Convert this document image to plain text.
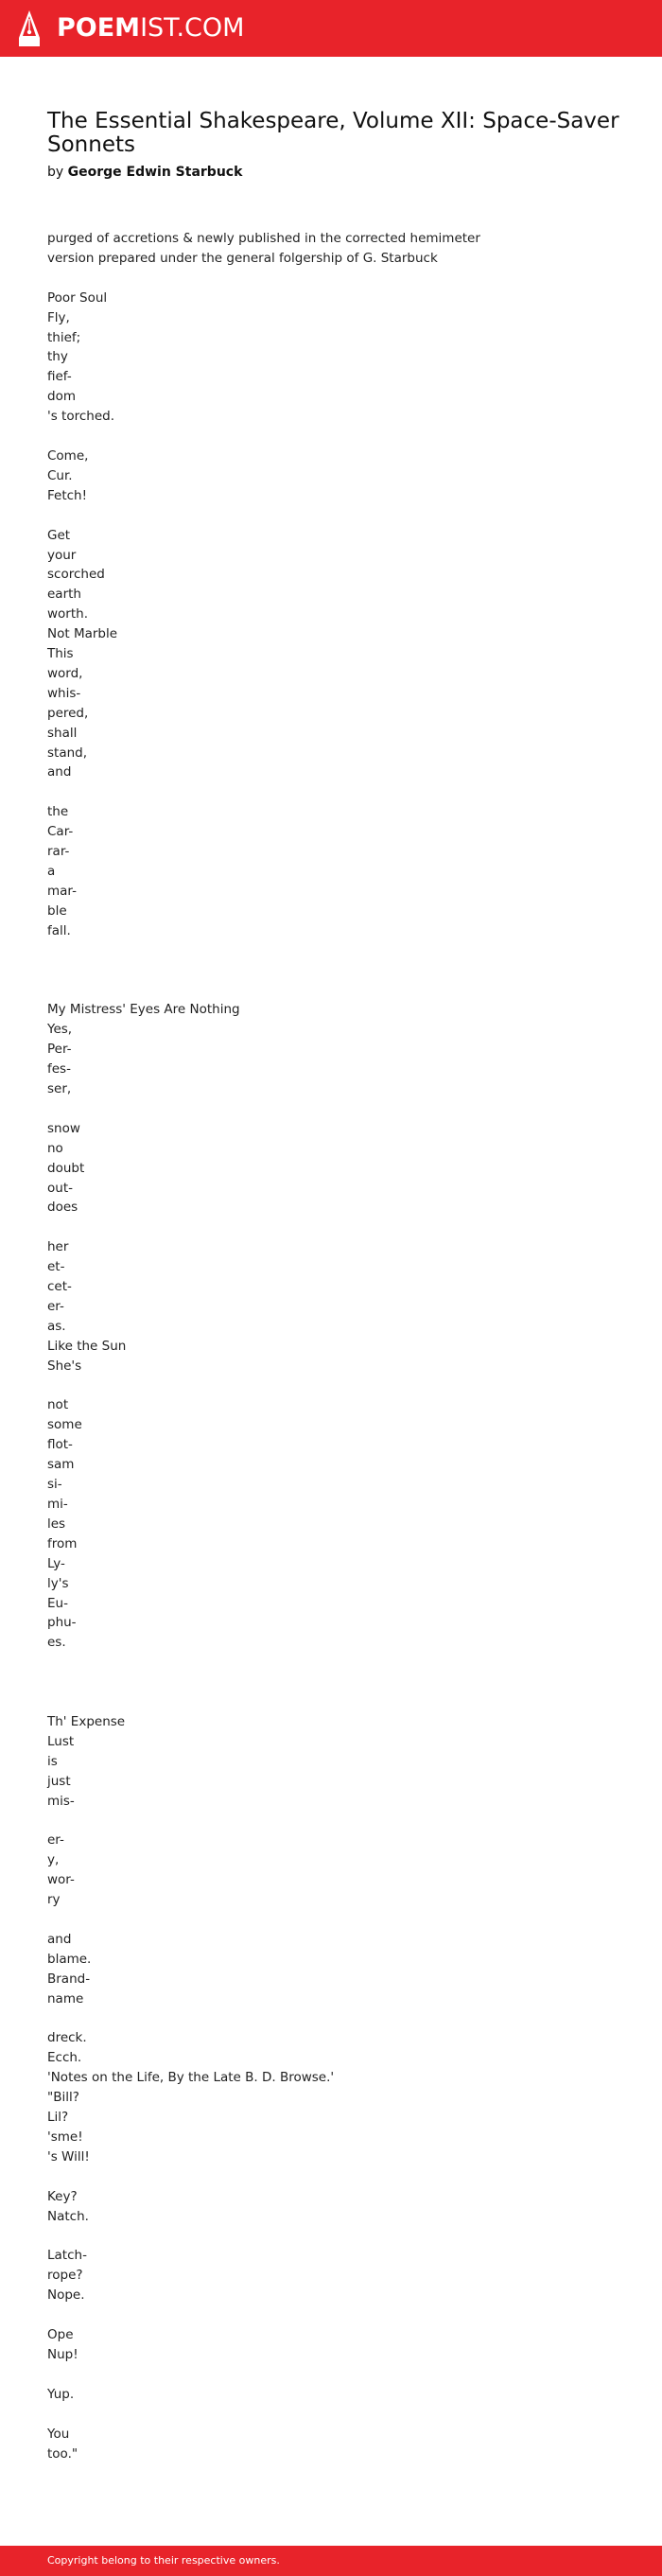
POEMIST.COM
The Essential Shakespeare, Volume XII: Space-Saver Sonnets
by George Edwin Starbuck
purged of accretions & newly published in the corrected hemimeter
version prepared under the general folgership of G. Starbuck

Poor Soul
Fly,
thief;
thy
fief-
dom
's torched.

Come,
Cur.
Fetch!

Get
your
scorched
earth
worth.
Not Marble
This
word,
whis-
pered,
shall
stand,
and

the
Car-
rar-
a
mar-
ble
fall.

My Mistress' Eyes Are Nothing
Yes,
Per-
fes-
ser,

snow
no
doubt
out-
does

her
et-
cet-
er-
as.
Like the Sun
She's

not
some
flot-
sam
si-
mi-
les
from
Ly-
ly's
Eu-
phu-
es.

Th' Expense
Lust
is
just
mis-

er-
y,
wor-
ry

and
blame.
Brand-
name

dreck.
Ecch.
'Notes on the Life, By the Late B. D. Browse.'
"Bill?
Lil?
'sme!
's Will!

Key?
Natch.

Latch-
rope?
Nope.

Ope
Nup!

Yup.

You
too."
Copyright belong to their respective owners.
